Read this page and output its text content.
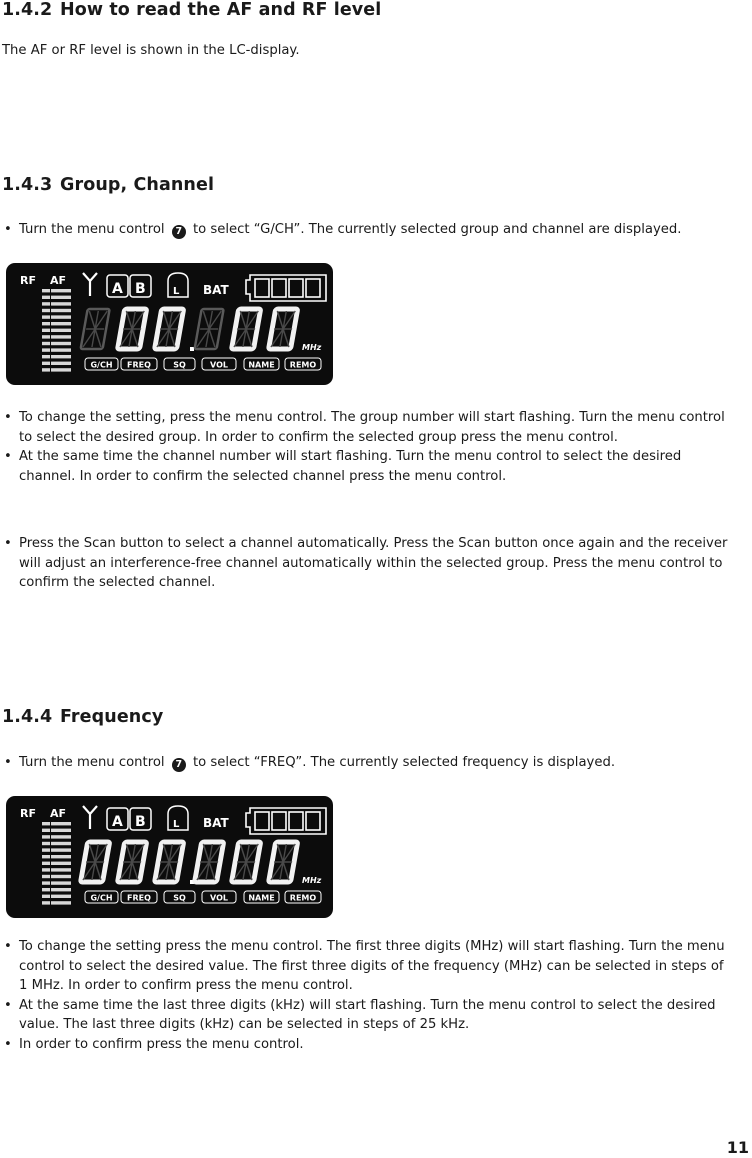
1.4.2 How to read the AF and RF level

The AF or RF level is shown in the LC-display.

1.4.3 Group, Channel
• Turn the menu control 7 to select “G/CH”. The currently selected group and channel are displayed.
RF AF
A B	L BAT
MHz
G/CH FREQ	SQ	VOL	NAME REMO
• To change the setting, press the menu control. The group number will start flashing. Turn the menu control to select the desired group. In order to confirm the selected group press the menu control.
• At the same time the channel number will start flashing. Turn the menu control to select the desired channel. In order to confirm the selected channel press the menu control.
• Press the Scan button to select a channel automatically. Press the Scan button once again and the receiver will adjust an interference-free channel automatically within the selected group. Press the menu control to confirm the selected channel.
1.4.4 Frequency
• Turn the menu control 7 to select “FREQ”. The currently selected frequency is displayed.
RF AF
A B	L BAT
MHz
G/CH FREQ	SQ	VOL	NAME REMO
• To change the setting press the menu control. The first three digits (MHz) will start flashing. Turn the menu control to select the desired value. The first three digits of the frequency (MHz) can be selected in steps of 1 MHz. In order to confirm press the menu control.
• At the same time the last three digits (kHz) will start flashing. Turn the menu control to select the desired value. The last three digits (kHz) can be selected in steps of 25 kHz.
• In order to confirm press the menu control.
11
